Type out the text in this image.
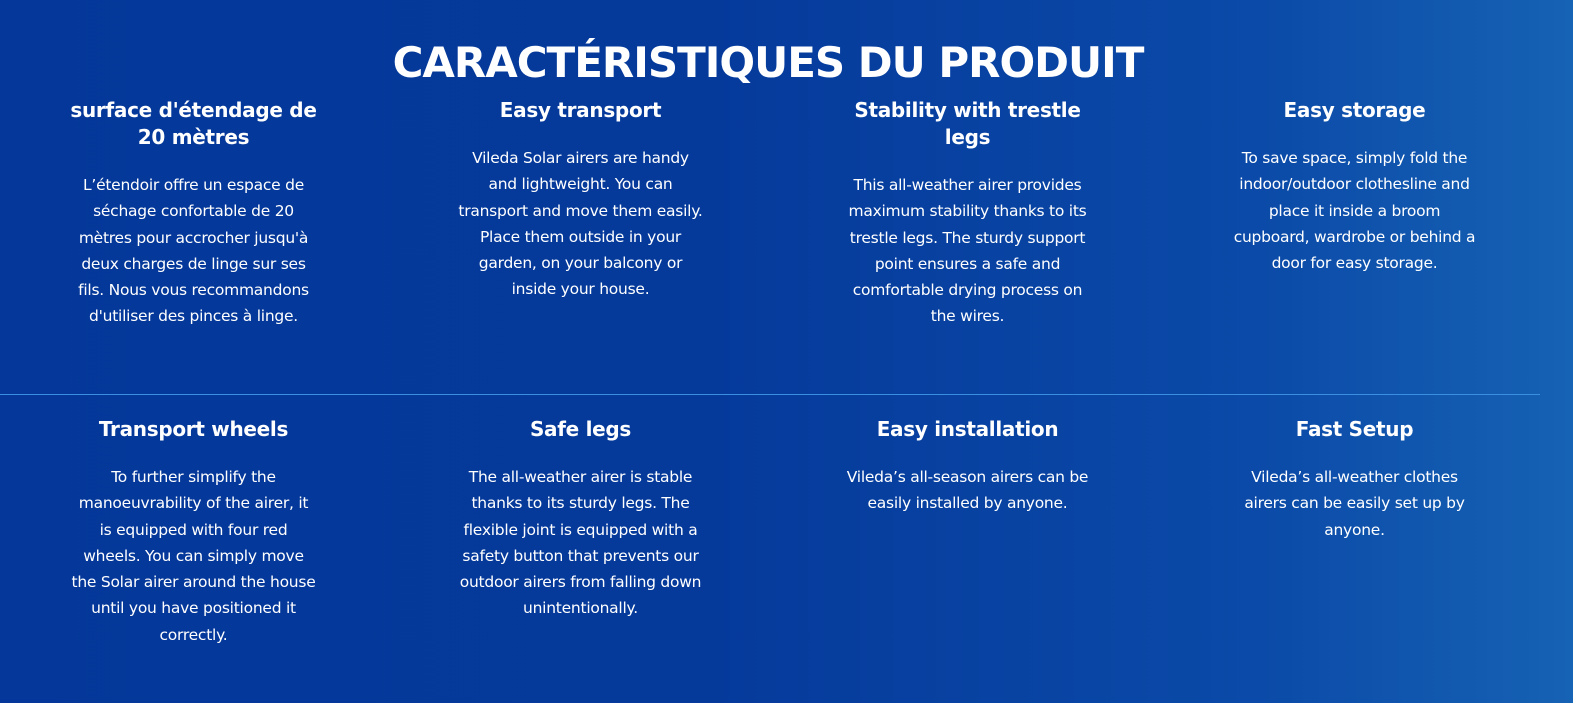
CARACTÉRISTIQUES DU PRODUIT
surface d'étendage de 20 mètres

L’étendoir offre un espace de séchage confortable de 20 mètres pour accrocher jusqu'à deux charges de linge sur ses fils. Nous vous recommandons d'utiliser des pinces à linge.

Easy transport

Vileda Solar airers are handy and lightweight. You can transport and move them easily. Place them outside in your garden, on your balcony or inside your house.

Stability with trestle legs

This all-weather airer provides maximum stability thanks to its trestle legs. The sturdy support point ensures a safe and comfortable drying process on the wires.

Easy storage

To save space, simply fold the indoor/outdoor clothesline and place it inside a broom cupboard, wardrobe or behind a door for easy storage.

Transport wheels

To further simplify the manoeuvrability of the airer, it is equipped with four red wheels. You can simply move the Solar airer around the house until you have positioned it correctly.

Safe legs

The all-weather airer is stable thanks to its sturdy legs. The flexible joint is equipped with a safety button that prevents our outdoor airers from falling down unintentionally.

Easy installation

Vileda’s all-season airers can be easily installed by anyone.

Fast Setup

Vileda’s all-weather clothes airers can be easily set up by anyone.
